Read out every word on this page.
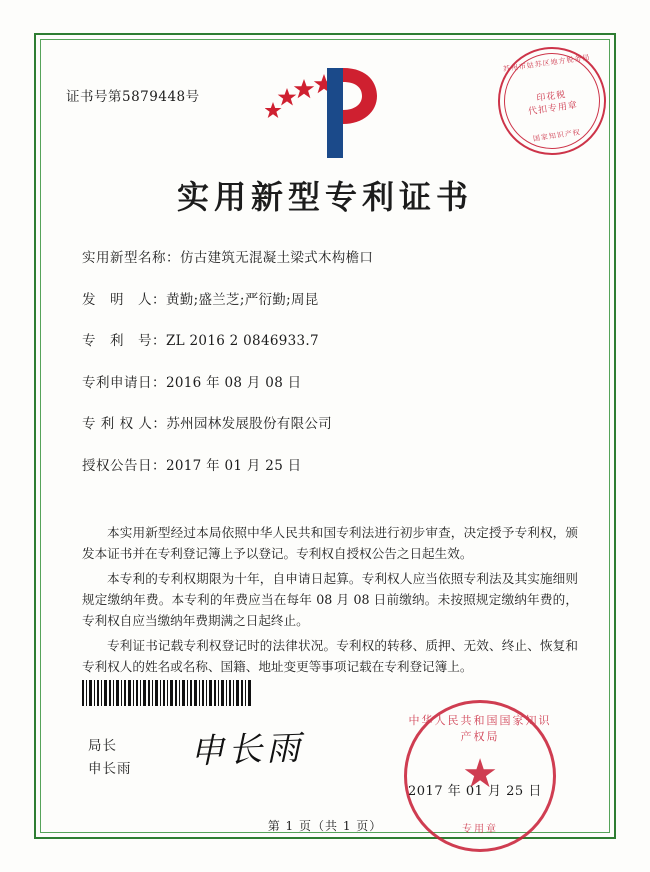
苏州市姑苏区地方税务局
印花税
代扣专用章
国家知识产权
证书号第5879448号
实用新型专利证书
实用新型名称：仿古建筑无混凝土梁式木构檐口
发　明　人：黄勤;盛兰芝;严衍勤;周昆
专　利　号：ZL 2016 2 0846933.7
专利申请日：2016 年 08 月 08 日
专 利 权 人：苏州园林发展股份有限公司
授权公告日：2017 年 01 月 25 日

本实用新型经过本局依照中华人民共和国专利法进行初步审查，决定授予专利权，颁发本证书并在专利登记簿上予以登记。专利权自授权公告之日起生效。

本专利的专利权期限为十年，自申请日起算。专利权人应当依照专利法及其实施细则规定缴纳年费。本专利的年费应当在每年 08 月 08 日前缴纳。未按照规定缴纳年费的，专利权自应当缴纳年费期满之日起终止。

专利证书记载专利权登记时的法律状况。专利权的转移、质押、无效、终止、恢复和专利权人的姓名或名称、国籍、地址变更等事项记载在专利登记簿上。

局长
申长雨 申长雨
中华人民共和国国家知识产权局
★
专用章
2017 年 01 月 25 日
第 1 页（共 1 页）
